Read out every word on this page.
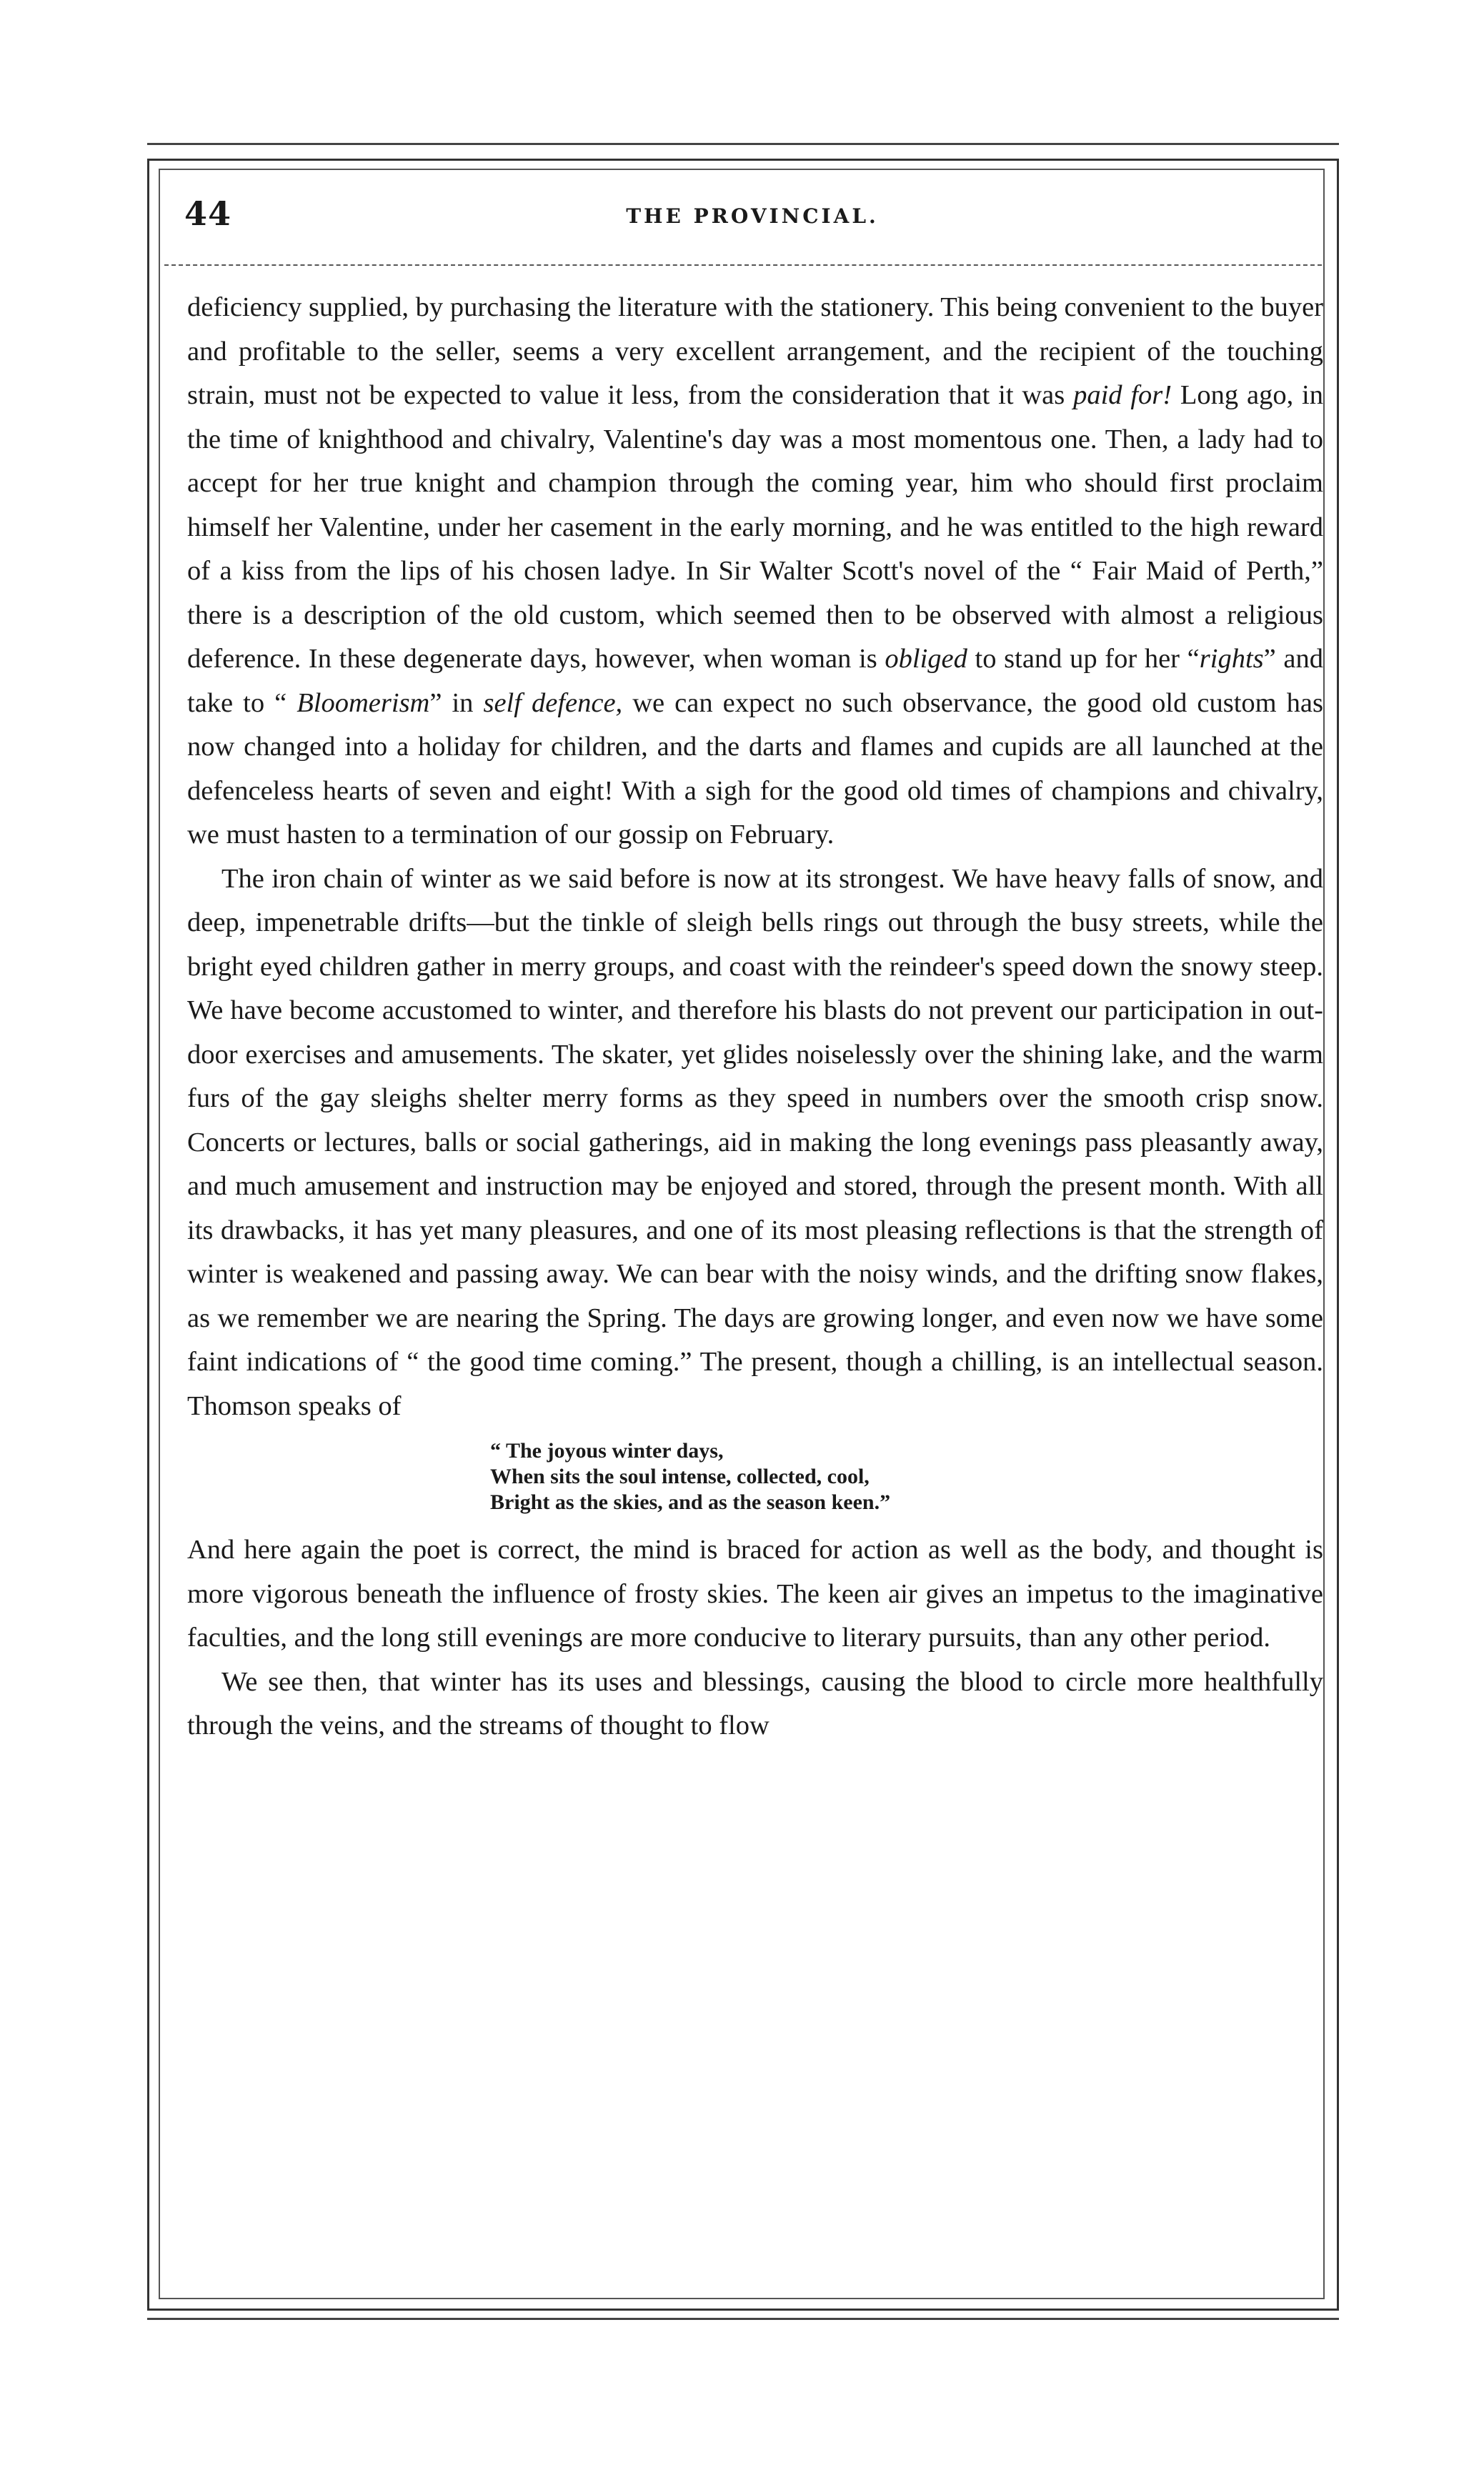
44	THE PROVINCIAL.

deficiency supplied, by purchasing the literature with the stationery. This being convenient to the buyer and profitable to the seller, seems a very excellent arrangement, and the recipient of the touching strain, must not be expected to value it less, from the consideration that it was paid for! Long ago, in the time of knighthood and chivalry, Valentine's day was a most momentous one. Then, a lady had to accept for her true knight and champion through the coming year, him who should first proclaim himself her Valentine, under her casement in the early morning, and he was entitled to the high reward of a kiss from the lips of his chosen ladye. In Sir Walter Scott's novel of the “ Fair Maid of Perth,” there is a description of the old custom, which seemed then to be observed with almost a religious deference. In these degenerate days, however, when woman is obliged to stand up for her “rights” and take to “ Bloomerism” in self defence, we can expect no such observance, the good old custom has now changed into a holiday for children, and the darts and flames and cupids are all launched at the defenceless hearts of seven and eight! With a sigh for the good old times of champions and chivalry, we must hasten to a termination of our gossip on February.

The iron chain of winter as we said before is now at its strongest. We have heavy falls of snow, and deep, impenetrable drifts—but the tinkle of sleigh bells rings out through the busy streets, while the bright eyed children gather in merry groups, and coast with the reindeer's speed down the snowy steep. We have become accustomed to winter, and therefore his blasts do not prevent our participation in out-door exercises and amusements. The skater, yet glides noiselessly over the shining lake, and the warm furs of the gay sleighs shelter merry forms as they speed in numbers over the smooth crisp snow. Concerts or lectures, balls or social gatherings, aid in making the long evenings pass pleasantly away, and much amusement and instruction may be enjoyed and stored, through the present month. With all its drawbacks, it has yet many pleasures, and one of its most pleasing reflections is that the strength of winter is weakened and passing away. We can bear with the noisy winds, and the drifting snow flakes, as we remember we are nearing the Spring. The days are growing longer, and even now we have some faint indications of “ the good time coming.” The present, though a chilling, is an intellectual season. Thomson speaks of

“ The joyous winter days,
When sits the soul intense, collected, cool,
Bright as the skies, and as the season keen.”

And here again the poet is correct, the mind is braced for action as well as the body, and thought is more vigorous beneath the influence of frosty skies. The keen air gives an impetus to the imaginative faculties, and the long still evenings are more conducive to literary pursuits, than any other period.

We see then, that winter has its uses and blessings, causing the blood to circle more healthfully through the veins, and the streams of thought to flow
